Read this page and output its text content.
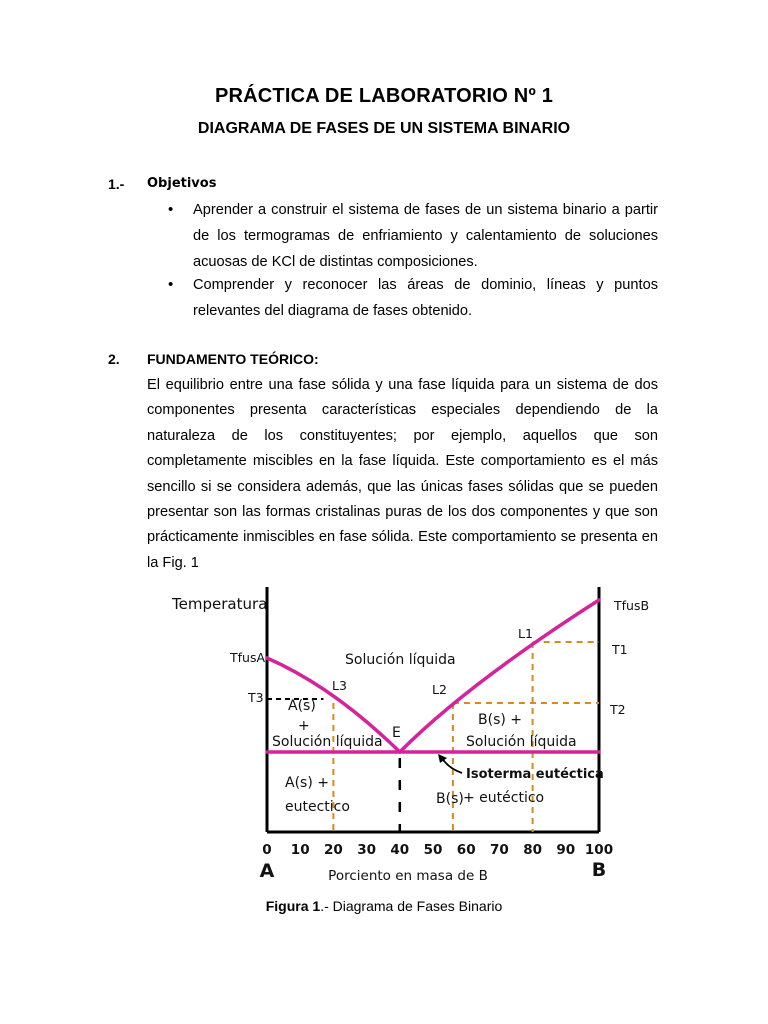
PRÁCTICA DE LABORATORIO Nº 1
DIAGRAMA DE FASES DE UN SISTEMA BINARIO
1.- Objetivos
• Aprender a construir el sistema de fases de un sistema binario a partir de los termogramas de enfriamiento y calentamiento de soluciones acuosas de KCl de distintas composiciones.
• Comprender y reconocer las áreas de dominio, líneas y puntos relevantes del diagrama de fases obtenido.
2. FUNDAMENTO TEÓRICO:
El equilibrio entre una fase sólida y una fase líquida para un sistema de dos componentes presenta características especiales dependiendo de la naturaleza de los constituyentes; por ejemplo, aquellos que son completamente miscibles en la fase líquida. Este comportamiento es el más sencillo si se considera además, que las únicas fases sólidas que se pueden presentar son las formas cristalinas puras de los dos componentes y que son prácticamente inmiscibles en fase sólida. Este comportamiento se presenta en la Fig. 1
Temperatura
TfusA
T3
TfusB
T1
T2
L1
L2
L3
E
Solución líquida
A(s)
+
Solución líquida
B(s) +
Solución líquida
A(s) +
eutectico	B(s) + eutéctico
Isoterma eutéctica
0 10 20 30 40 50 60 70 80 90 100
A	B
Porciento en masa de B
Figura 1.- Diagrama de Fases Binario
